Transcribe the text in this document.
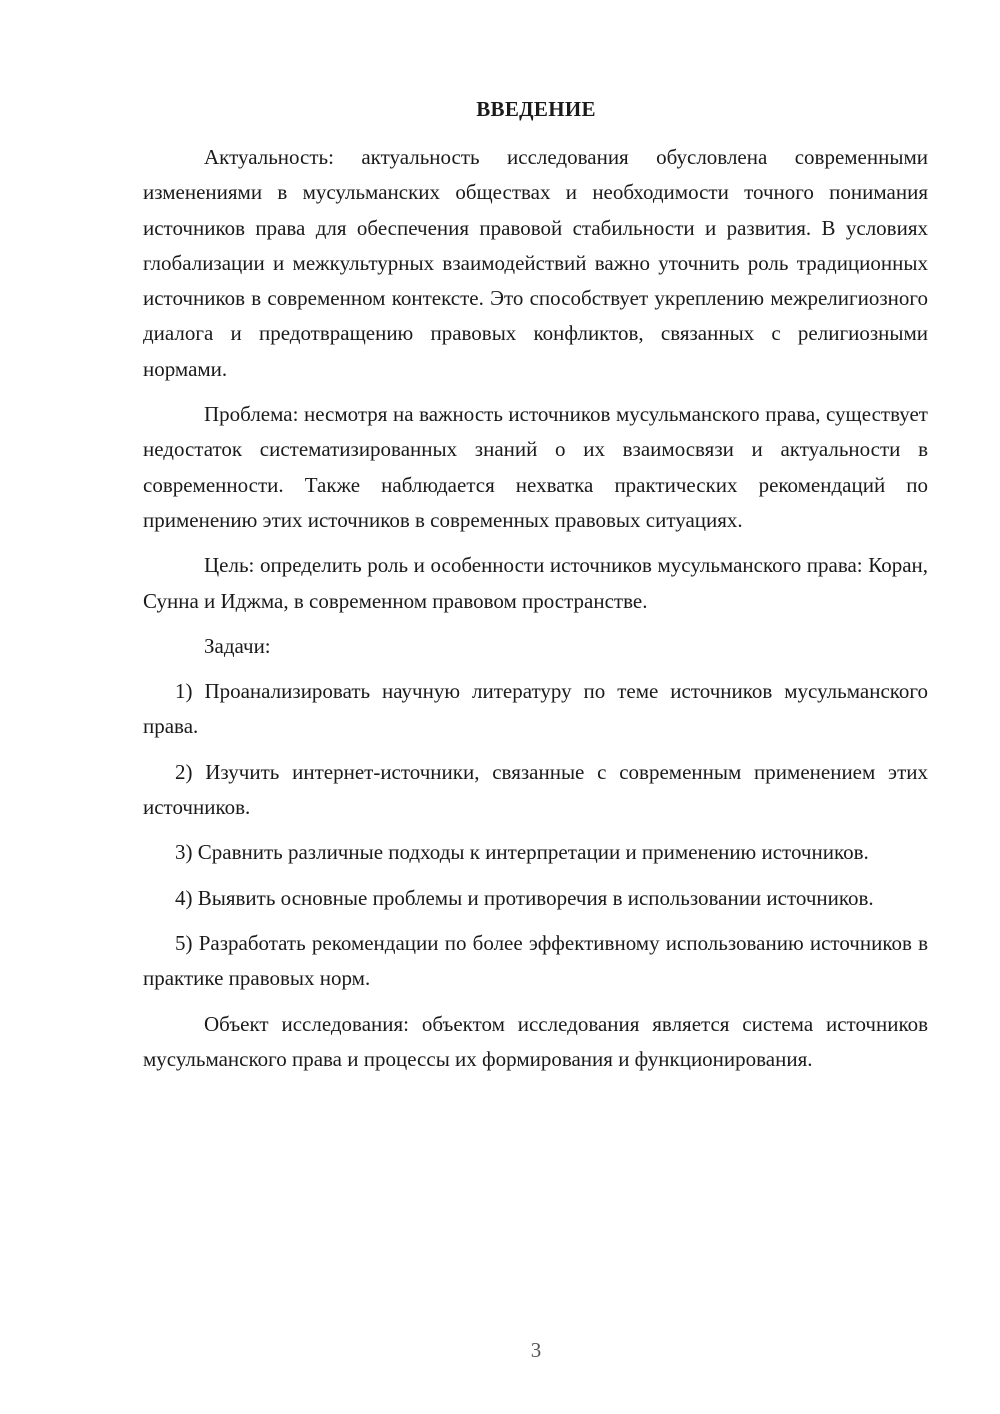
ВВЕДЕНИЕ

Актуальность: актуальность исследования обусловлена современными изменениями в мусульманских обществах и необходимости точного понимания источников права для обеспечения правовой стабильности и развития. В условиях глобализации и межкультурных взаимодействий важно уточнить роль традиционных источников в современном контексте. Это способствует укреплению межрелигиозного диалога и предотвращению правовых конфликтов, связанных с религиозными нормами.

Проблема: несмотря на важность источников мусульманского права, существует недостаток систематизированных знаний о их взаимосвязи и актуальности в современности. Также наблюдается нехватка практических рекомендаций по применению этих источников в современных правовых ситуациях.

Цель: определить роль и особенности источников мусульманского права: Коран, Сунна и Иджма, в современном правовом пространстве.

Задачи:

1) Проанализировать научную литературу по теме источников мусульманского права.

2) Изучить интернет-источники, связанные с современным применением этих источников.

3) Сравнить различные подходы к интерпретации и применению источников.

4) Выявить основные проблемы и противоречия в использовании источников.

5) Разработать рекомендации по более эффективному использованию источников в практике правовых норм.

Объект исследования: объектом исследования является система источников мусульманского права и процессы их формирования и функционирования.

3
